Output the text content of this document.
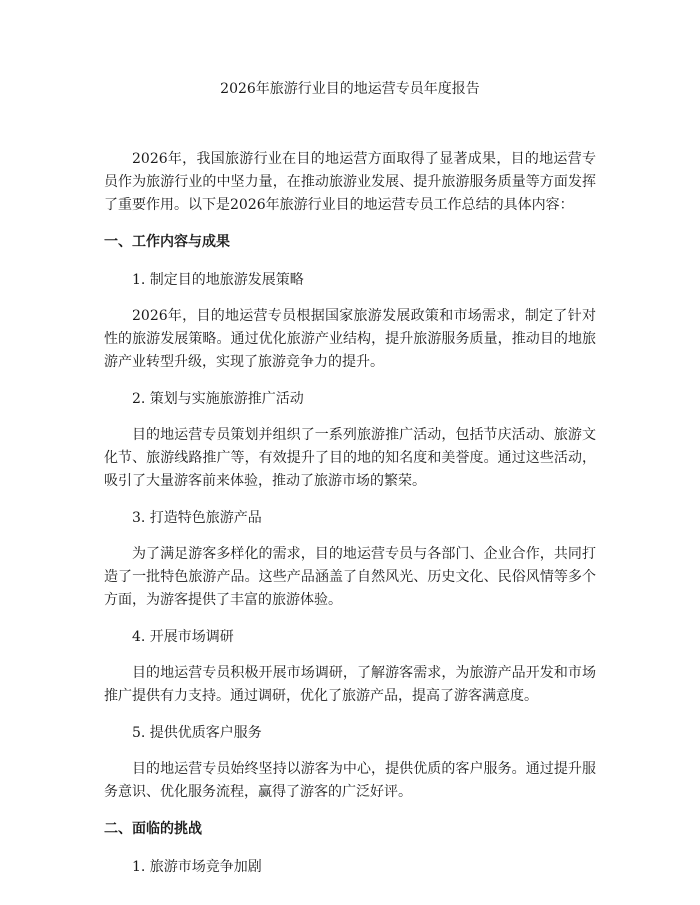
2026年旅游行业目的地运营专员年度报告

2026年，我国旅游行业在目的地运营方面取得了显著成果，目的地运营专员作为旅游行业的中坚力量，在推动旅游业发展、提升旅游服务质量等方面发挥了重要作用。以下是2026年旅游行业目的地运营专员工作总结的具体内容：

一、工作内容与成果
1. 制定目的地旅游发展策略

2026年，目的地运营专员根据国家旅游发展政策和市场需求，制定了针对性的旅游发展策略。通过优化旅游产业结构，提升旅游服务质量，推动目的地旅游产业转型升级，实现了旅游竞争力的提升。

2. 策划与实施旅游推广活动

目的地运营专员策划并组织了一系列旅游推广活动，包括节庆活动、旅游文化节、旅游线路推广等，有效提升了目的地的知名度和美誉度。通过这些活动，吸引了大量游客前来体验，推动了旅游市场的繁荣。

3. 打造特色旅游产品

为了满足游客多样化的需求，目的地运营专员与各部门、企业合作，共同打造了一批特色旅游产品。这些产品涵盖了自然风光、历史文化、民俗风情等多个方面，为游客提供了丰富的旅游体验。

4. 开展市场调研

目的地运营专员积极开展市场调研，了解游客需求，为旅游产品开发和市场推广提供有力支持。通过调研，优化了旅游产品，提高了游客满意度。

5. 提供优质客户服务

目的地运营专员始终坚持以游客为中心，提供优质的客户服务。通过提升服务意识、优化服务流程，赢得了游客的广泛好评。

二、面临的挑战
1. 旅游市场竞争加剧
